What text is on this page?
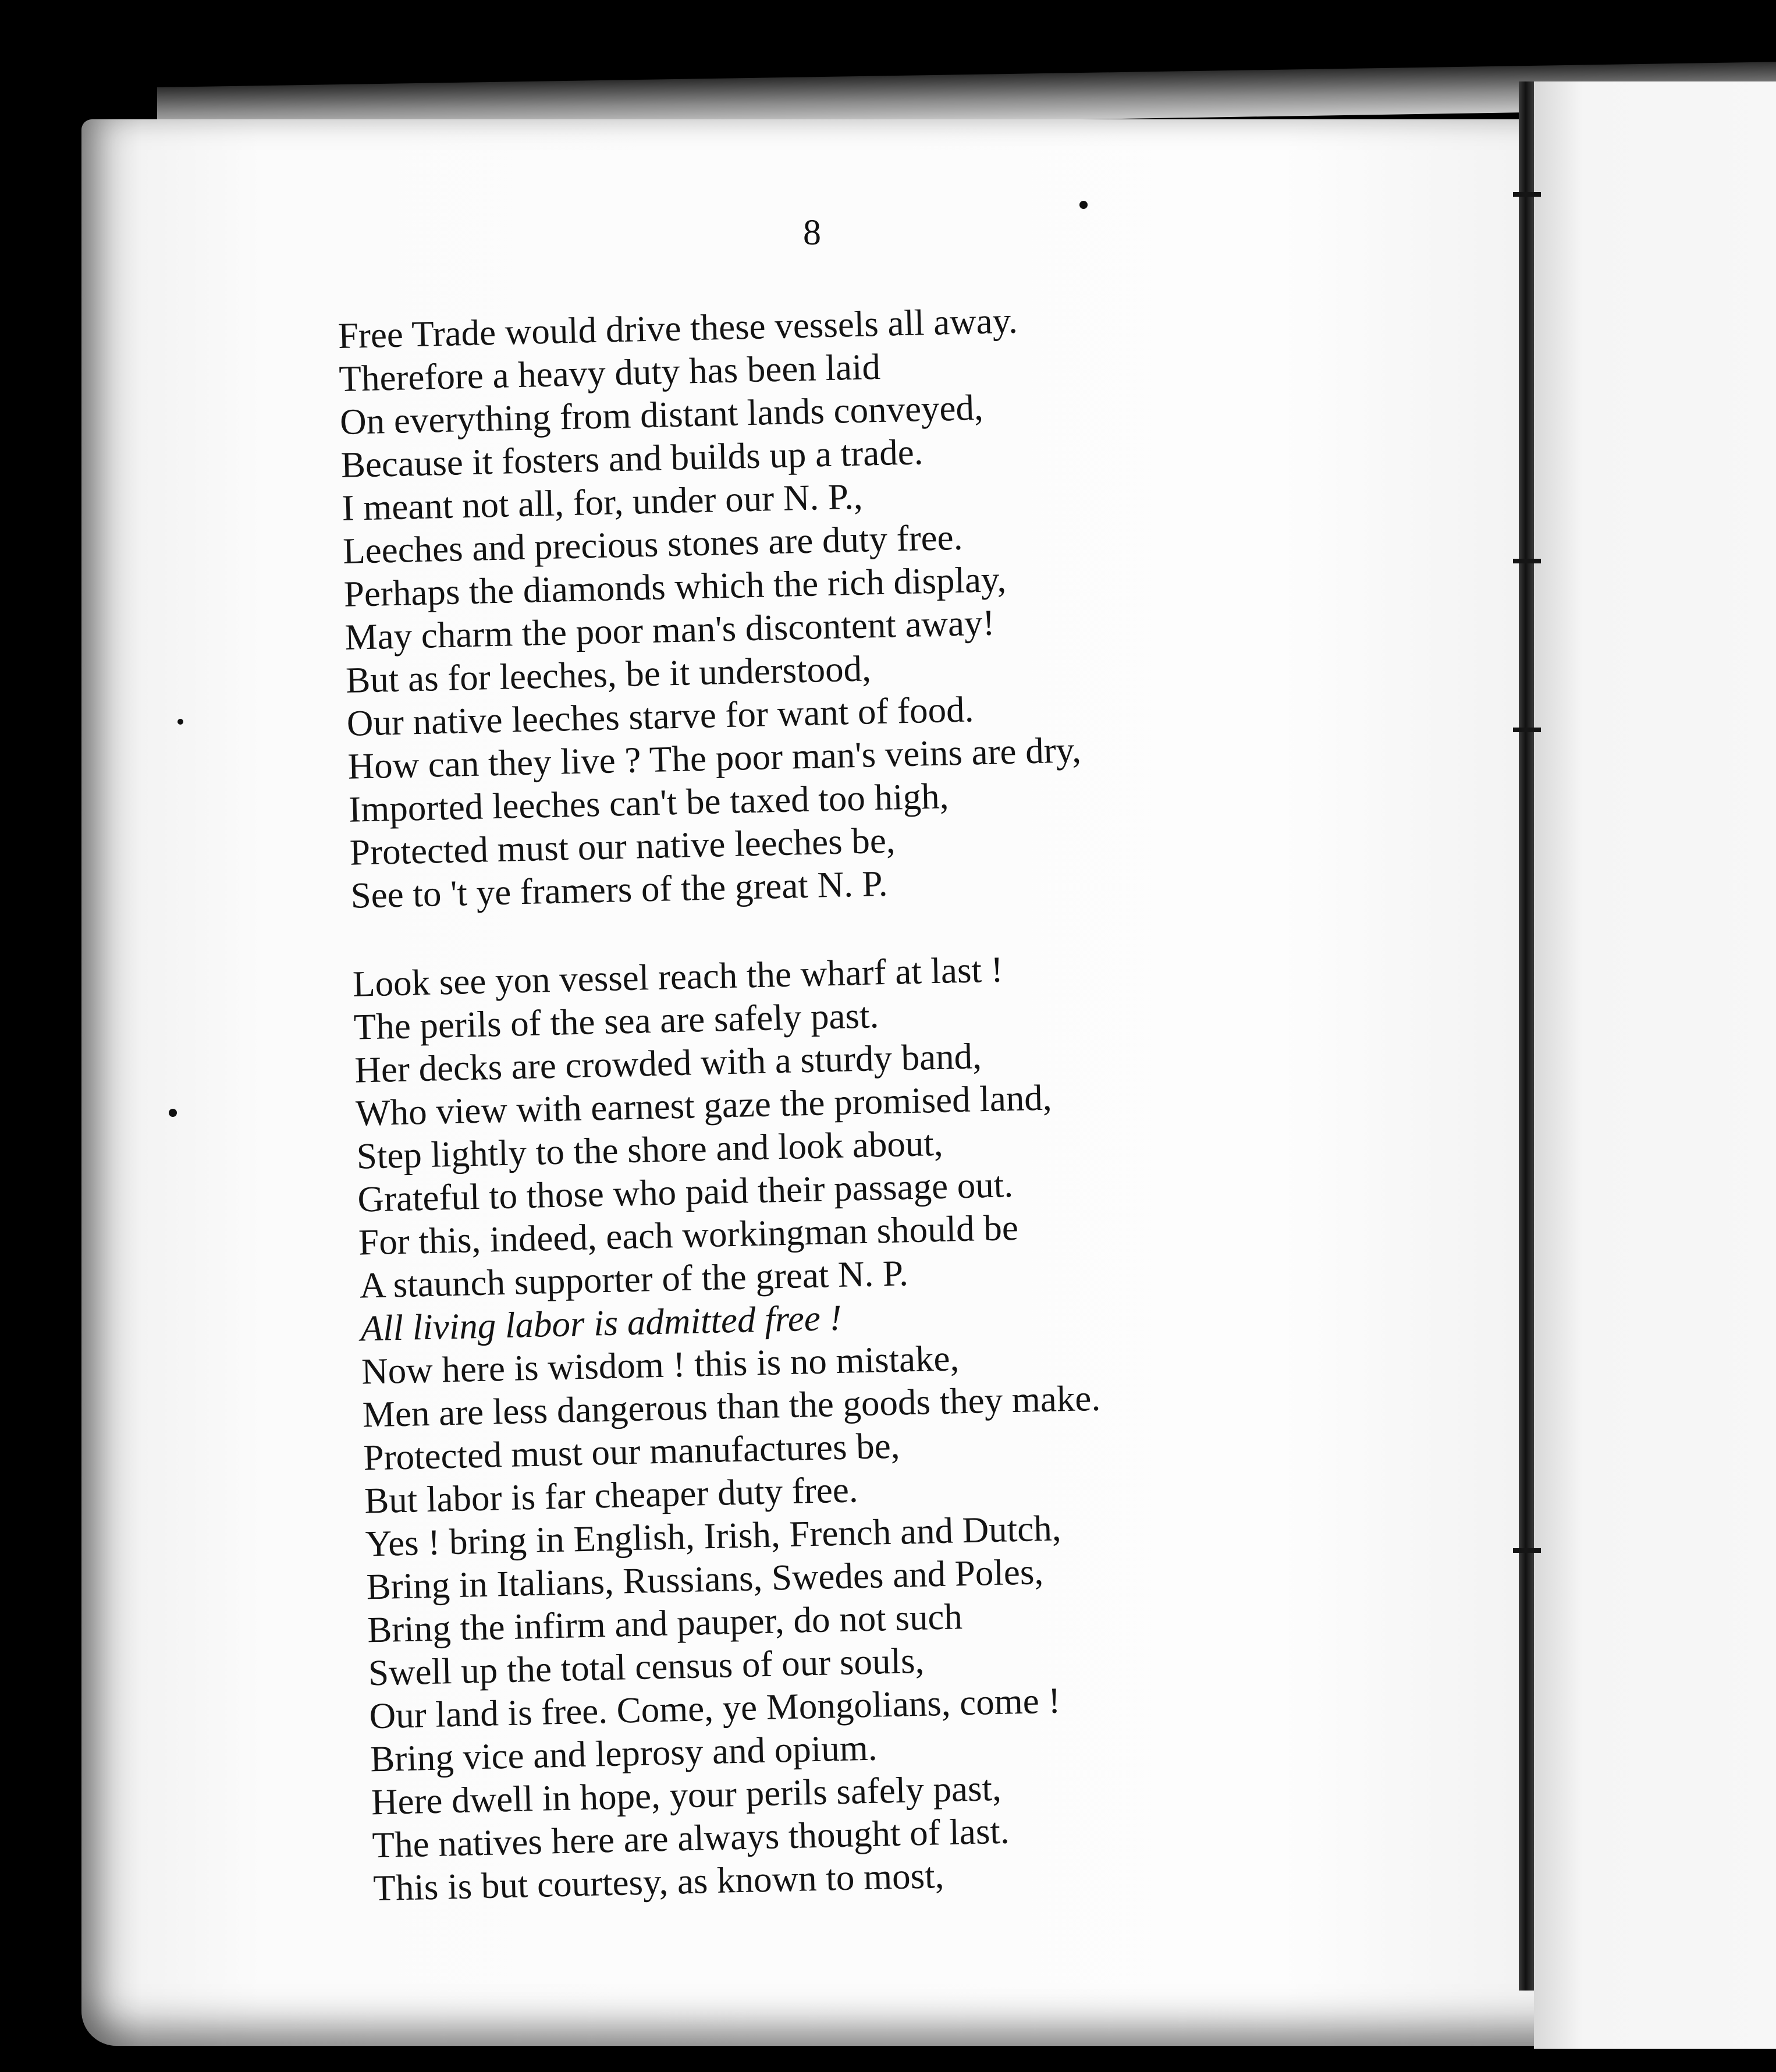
8
Free Trade would drive these vessels all away.
Therefore a heavy duty has been laid
On everything from distant lands conveyed,
Because it fosters and builds up a trade.
I meant not all, for, under our N. P.,
Leeches and precious stones are duty free.
Perhaps the diamonds which the rich display,
May charm the poor man's discontent away!
But as for leeches, be it understood,
Our native leeches starve for want of food.
How can they live ? The poor man's veins are dry,
Imported leeches can't be taxed too high,
Protected must our native leeches be,
See to 't ye framers of the great N. P.
Look see yon vessel reach the wharf at last !
The perils of the sea are safely past.
Her decks are crowded with a sturdy band,
Who view with earnest gaze the promised land,
Step lightly to the shore and look about,
Grateful to those who paid their passage out.
For this, indeed, each workingman should be
A staunch supporter of the great N. P.
All living labor is admitted free !
Now here is wisdom ! this is no mistake,
Men are less dangerous than the goods they make.
Protected must our manufactures be,
But labor is far cheaper duty free.
Yes ! bring in English, Irish, French and Dutch,
Bring in Italians, Russians, Swedes and Poles,
Bring the infirm and pauper, do not such
Swell up the total census of our souls,
Our land is free. Come, ye Mongolians, come !
Bring vice and leprosy and opium.
Here dwell in hope, your perils safely past,
The natives here are always thought of last.
This is but courtesy, as known to most,
